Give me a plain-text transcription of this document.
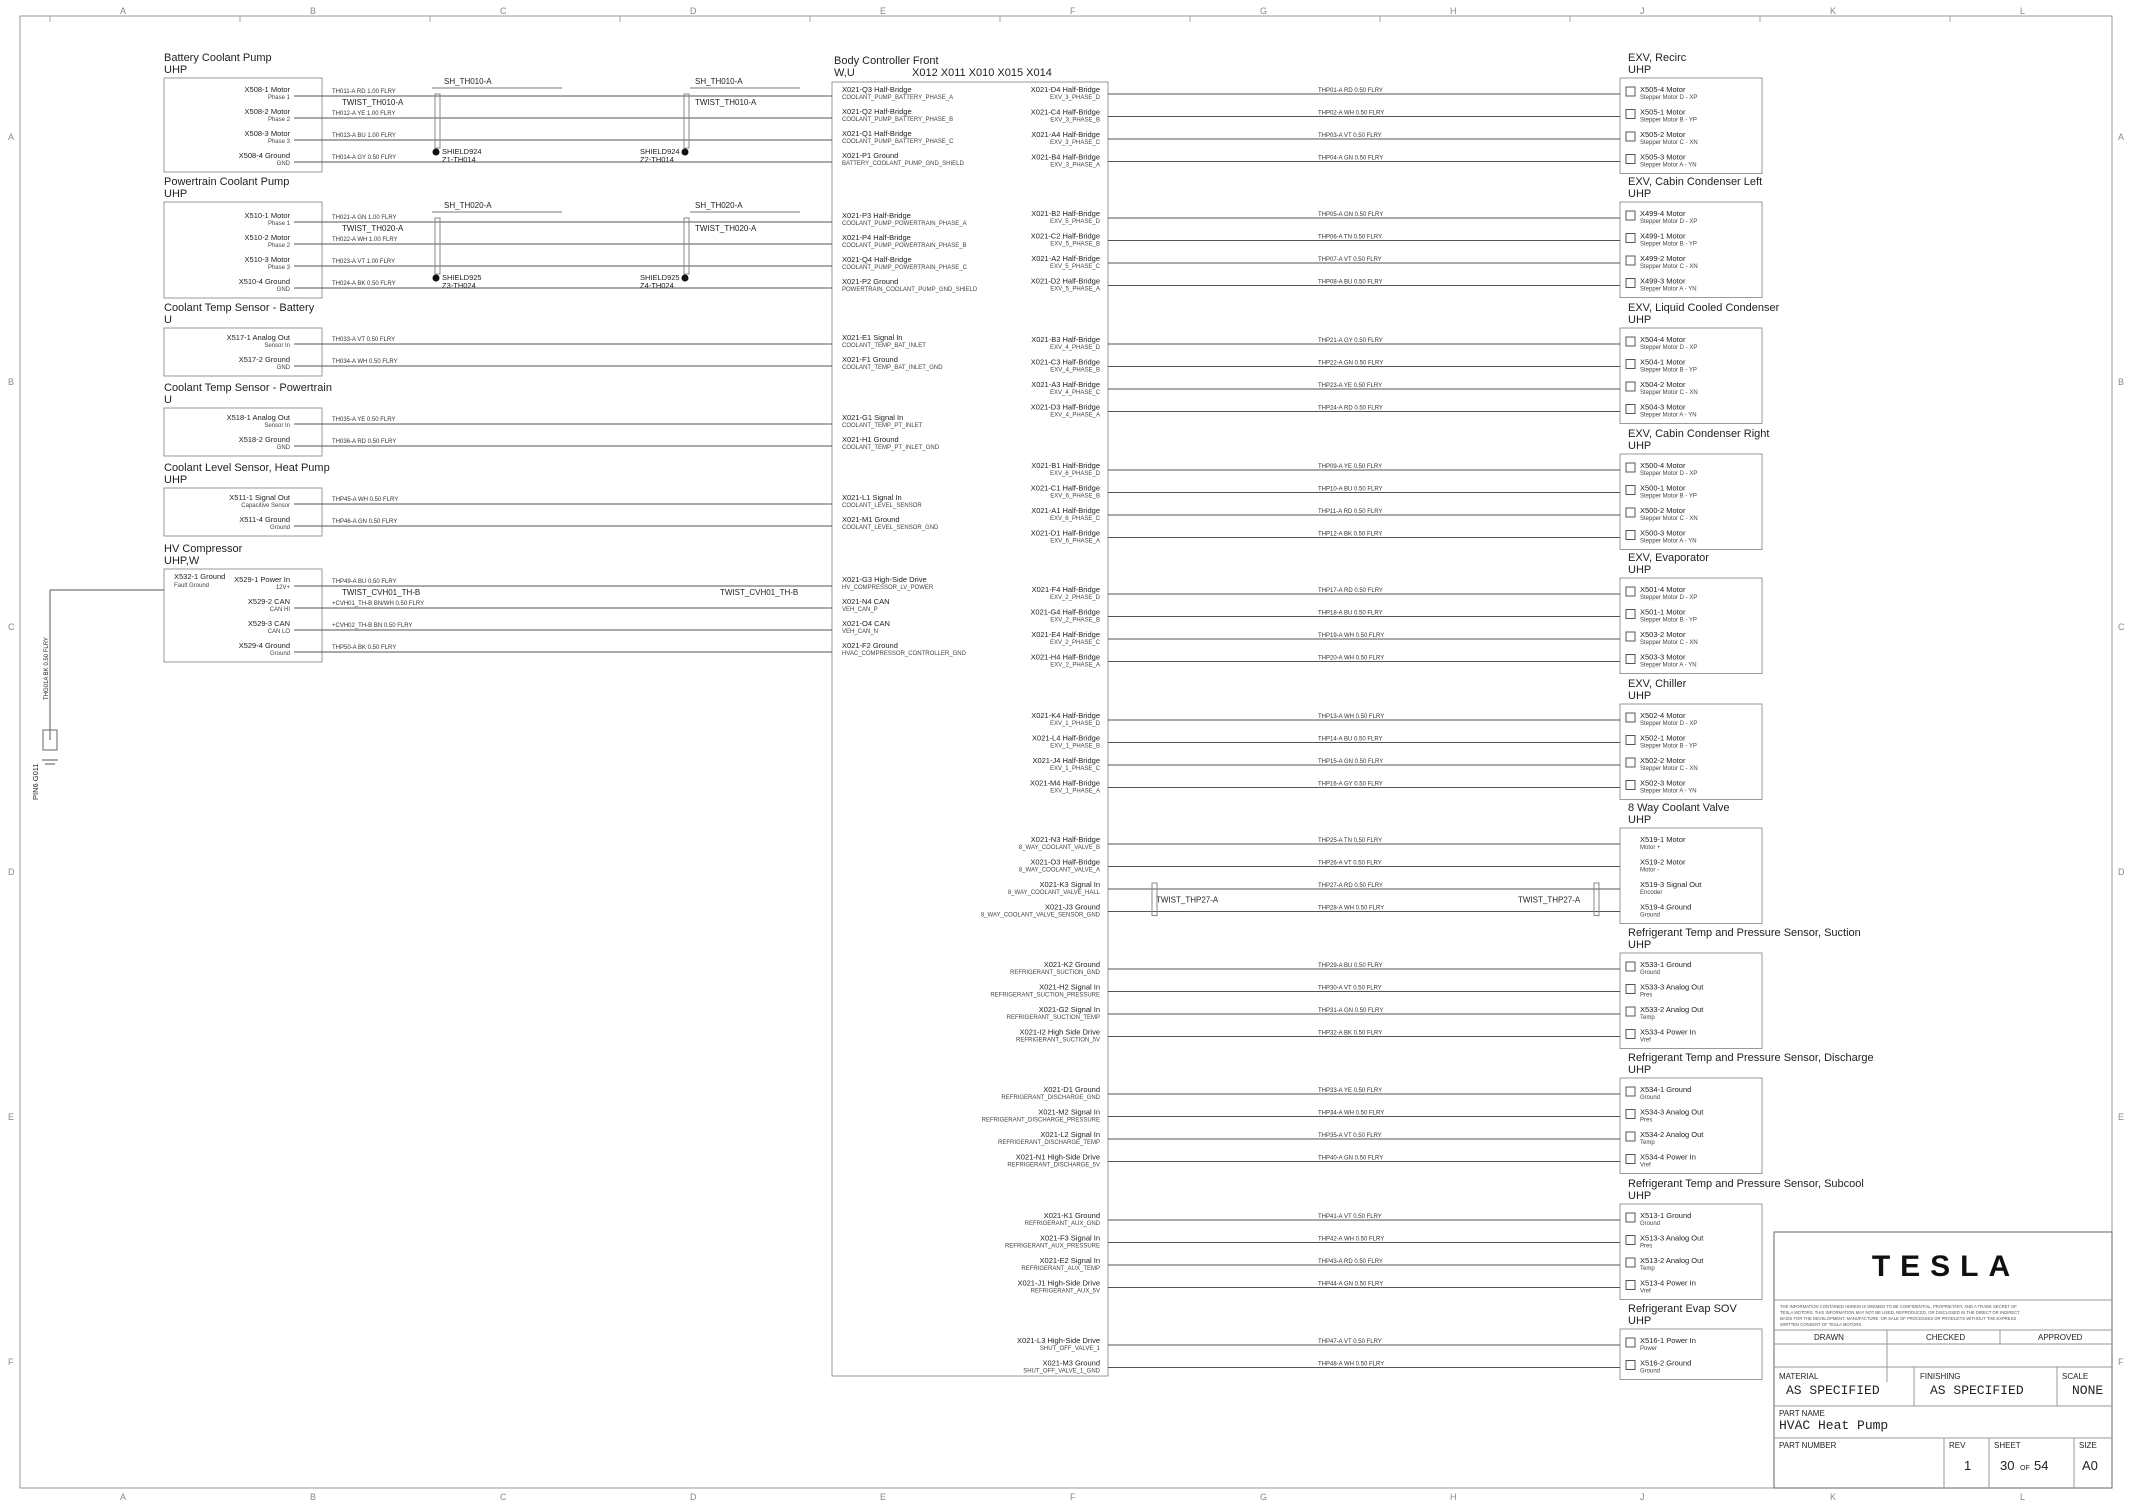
A
A
B
B
C
C
D
D
E
E
F
F
G
G
H
H
J
J
K
K
L
L
A	A
B	B
C	C
D	D
E	E
F	F
Body Controller Front
W,U	X012 X011 X010 X015 X014
X021-Q3 Half-Bridge
COOLANT_PUMP_BATTERY_PHASE_A
X021-Q2 Half-Bridge
COOLANT_PUMP_BATTERY_PHASE_B
X021-Q1 Half-Bridge
COOLANT_PUMP_BATTERY_PHASE_C
X021-P1 Ground
BATTERY_COOLANT_PUMP_GND_SHIELD
X021-P3 Half-Bridge
COOLANT_PUMP_POWERTRAIN_PHASE_A
X021-P4 Half-Bridge
COOLANT_PUMP_POWERTRAIN_PHASE_B
X021-Q4 Half-Bridge
COOLANT_PUMP_POWERTRAIN_PHASE_C
X021-P2 Ground
POWERTRAIN_COOLANT_PUMP_GND_SHIELD
X021-E1 Signal In
COOLANT_TEMP_BAT_INLET
X021-F1 Ground
COOLANT_TEMP_BAT_INLET_GND
X021-G1 Signal In
COOLANT_TEMP_PT_INLET
X021-H1 Ground
COOLANT_TEMP_PT_INLET_GND
X021-L1 Signal In
COOLANT_LEVEL_SENSOR
X021-M1 Ground
COOLANT_LEVEL_SENSOR_GND
X021-G3 High-Side Drive
HV_COMPRESSOR_LV_POWER
X021-N4 CAN
VEH_CAN_P
X021-O4 CAN
VEH_CAN_N
X021-F2 Ground
HVAC_COMPRESSOR_CONTROLLER_GND
Battery Coolant Pump
UHP
X508-1 Motor
Phase 1
TH011-A RD 1.00 FLRY
X508-2 Motor
Phase 2
TH012-A YE 1.00 FLRY
X508-3 Motor
Phase 3
TH013-A BU 1.00 FLRY
X508-4 Ground
GND
TH014-A GY 0.50 FLRY
TWIST_TH010-A	TWIST_TH010-A
SH_TH010-A	SH_TH010-A
SHIELD924
Z1-TH014
SHIELD924
Z2-TH014
Powertrain Coolant Pump
UHP
X510-1 Motor
Phase 1
TH021-A GN 1.00 FLRY
X510-2 Motor
Phase 2
TH022-A WH 1.00 FLRY
X510-3 Motor
Phase 3
TH023-A VT 1.00 FLRY
X510-4 Ground
GND
TH024-A BK 0.50 FLRY
TWIST_TH020-A	TWIST_TH020-A
SH_TH020-A	SH_TH020-A
SHIELD925
Z3-TH024
SHIELD925
Z4-TH024
Coolant Temp Sensor - Battery
U
X517-1 Analog Out
Sensor In
TH033-A VT 0.50 FLRY
X517-2 Ground
GND
TH034-A WH 0.50 FLRY
Coolant Temp Sensor - Powertrain
U
X518-1 Analog Out
Sensor In
TH035-A YE 0.50 FLRY
X518-2 Ground
GND
TH036-A RD 0.50 FLRY
Coolant Level Sensor, Heat Pump
UHP
X511-1 Signal Out
Capacitive Sensor
THP45-A WH 0.50 FLRY
X511-4 Ground
Ground
THP46-A GN 0.50 FLRY
HV Compressor
UHP,W
X532-1 Ground
Fault Ground
X529-1 Power In
12V+
THP49-A BU 0.50 FLRY
X529-2 CAN
CAN HI
+CVH01_TH-B BN/WH 0.50 FLRY
X529-3 CAN
CAN LO
+CVH02_TH-B BN 0.50 FLRY
X529-4 Ground
Ground
THP50-A BK 0.50 FLRY
TWIST_CVH01_TH-B	TWIST_CVH01_TH-B
PIN6 G011
THG01A BK 0.50 FLRY
EXV, Recirc
UHP
X505-4 Motor
Stepper Motor D - XP
THP01-A RD 0.50 FLRY
X505-1 Motor
Stepper Motor B - YP
THP02-A WH 0.50 FLRY
X505-2 Motor
Stepper Motor C - XN
THP03-A VT 0.50 FLRY
X505-3 Motor
Stepper Motor A - YN
THP04-A GN 0.50 FLRY
EXV, Cabin Condenser Left
UHP
X499-4 Motor
Stepper Motor D - XP
THP05-A GN 0.50 FLRY
X499-1 Motor
Stepper Motor B - YP
THP06-A TN 0.50 FLRY
X499-2 Motor
Stepper Motor C - XN
THP07-A VT 0.50 FLRY
X499-3 Motor
Stepper Motor A - YN
THP08-A BU 0.50 FLRY
EXV, Liquid Cooled Condenser
UHP
X504-4 Motor
Stepper Motor D - XP
THP21-A GY 0.50 FLRY
X504-1 Motor
Stepper Motor B - YP
THP22-A GN 0.50 FLRY
X504-2 Motor
Stepper Motor C - XN
THP23-A YE 0.50 FLRY
X504-3 Motor
Stepper Motor A - YN
THP24-A RD 0.50 FLRY
EXV, Cabin Condenser Right
UHP
X500-4 Motor
Stepper Motor D - XP
THP09-A YE 0.50 FLRY
X500-1 Motor
Stepper Motor B - YP
THP10-A BU 0.50 FLRY
X500-2 Motor
Stepper Motor C - XN
THP11-A RD 0.50 FLRY
X500-3 Motor
Stepper Motor A - YN
THP12-A BK 0.50 FLRY
EXV, Evaporator
UHP
X501-4 Motor
Stepper Motor D - XP
THP17-A RD 0.50 FLRY
X501-1 Motor
Stepper Motor B - YP
THP18-A BU 0.50 FLRY
X503-2 Motor
Stepper Motor C - XN
THP19-A WH 0.50 FLRY
X503-3 Motor
Stepper Motor A - YN
THP20-A WH 0.50 FLRY
EXV, Chiller
UHP
X502-4 Motor
Stepper Motor D - XP
THP13-A WH 0.50 FLRY
X502-1 Motor
Stepper Motor B - YP
THP14-A BU 0.50 FLRY
X502-2 Motor
Stepper Motor C - XN
THP15-A GN 0.50 FLRY
X502-3 Motor
Stepper Motor A - YN
THP16-A GY 0.50 FLRY
8 Way Coolant Valve
UHP
X519-1 Motor
Motor +
THP25-A TN 0.50 FLRY
X519-2 Motor
Motor -
THP26-A VT 0.50 FLRY
X519-3 Signal Out
Encoder
THP27-A RD 0.50 FLRY
X519-4 Ground
Ground
THP28-A WH 0.50 FLRY
TWIST_THP27-A	TWIST_THP27-A
Refrigerant Temp and Pressure Sensor, Suction
UHP
X533-1 Ground
Ground
THP29-A BU 0.50 FLRY
X533-3 Analog Out
Pres
THP30-A VT 0.50 FLRY
X533-2 Analog Out
Temp
THP31-A GN 0.50 FLRY
X533-4 Power In
Vref
THP32-A BK 0.50 FLRY
Refrigerant Temp and Pressure Sensor, Discharge
UHP
X534-1 Ground
Ground
THP33-A YE 0.50 FLRY
X534-3 Analog Out
Pres
THP34-A WH 0.50 FLRY
X534-2 Analog Out
Temp
THP35-A VT 0.50 FLRY
X534-4 Power In
Vref
THP40-A GN 0.50 FLRY
Refrigerant Temp and Pressure Sensor, Subcool
UHP
X513-1 Ground
Ground
THP41-A VT 0.50 FLRY
X513-3 Analog Out
Pres
THP42-A WH 0.50 FLRY
X513-2 Analog Out
Temp
THP43-A RD 0.50 FLRY
X513-4 Power In
Vref
THP44-A GN 0.50 FLRY
Refrigerant Evap SOV
UHP
X516-1 Power In
Power
THP47-A VT 0.50 FLRY
X516-2 Ground
Ground
THP48-A WH 0.50 FLRY
X021-D4 Half-Bridge
EXV_3_PHASE_D
X021-C4 Half-Bridge
EXV_3_PHASE_B
X021-A4 Half-Bridge
EXV_3_PHASE_C
X021-B4 Half-Bridge
EXV_3_PHASE_A
X021-B2 Half-Bridge
EXV_5_PHASE_D
X021-C2 Half-Bridge
EXV_5_PHASE_B
X021-A2 Half-Bridge
EXV_5_PHASE_C
X021-D2 Half-Bridge
EXV_5_PHASE_A
X021-B3 Half-Bridge
EXV_4_PHASE_D
X021-C3 Half-Bridge
EXV_4_PHASE_B
X021-A3 Half-Bridge
EXV_4_PHASE_C
X021-D3 Half-Bridge
EXV_4_PHASE_A
X021-B1 Half-Bridge
EXV_6_PHASE_D
X021-C1 Half-Bridge
EXV_6_PHASE_B
X021-A1 Half-Bridge
EXV_6_PHASE_C
X021-D1 Half-Bridge
EXV_6_PHASE_A
X021-F4 Half-Bridge
EXV_2_PHASE_D
X021-G4 Half-Bridge
EXV_2_PHASE_B
X021-E4 Half-Bridge
EXV_2_PHASE_C
X021-H4 Half-Bridge
EXV_2_PHASE_A
X021-K4 Half-Bridge
EXV_1_PHASE_D
X021-L4 Half-Bridge
EXV_1_PHASE_B
X021-J4 Half-Bridge
EXV_1_PHASE_C
X021-M4 Half-Bridge
EXV_1_PHASE_A
X021-N3 Half-Bridge
8_WAY_COOLANT_VALVE_B
X021-O3 Half-Bridge
8_WAY_COOLANT_VALVE_A
X021-K3 Signal In
8_WAY_COOLANT_VALVE_HALL
X021-J3 Ground
8_WAY_COOLANT_VALVE_SENSOR_GND
X021-K2 Ground
REFRIGERANT_SUCTION_GND
X021-H2 Signal In
REFRIGERANT_SUCTION_PRESSURE
X021-G2 Signal In
REFRIGERANT_SUCTION_TEMP
X021-I2 High Side Drive
REFRIGERANT_SUCTION_5V
X021-D1 Ground
REFRIGERANT_DISCHARGE_GND
X021-M2 Signal In
REFRIGERANT_DISCHARGE_PRESSURE
X021-L2 Signal In
REFRIGERANT_DISCHARGE_TEMP
X021-N1 High-Side Drive
REFRIGERANT_DISCHARGE_5V
X021-K1 Ground
REFRIGERANT_AUX_GND
X021-F3 Signal In
REFRIGERANT_AUX_PRESSURE
X021-E2 Signal In
REFRIGERANT_AUX_TEMP
X021-J1 High-Side Drive
REFRIGERANT_AUX_5V
X021-L3 High-Side Drive
SHUT_OFF_VALVE_1
X021-M3 Ground
SHUT_OFF_VALVE_1_GND
TESLA
THE INFORMATION CONTAINED HEREIN IS DEEMED TO BE CONFIDENTIAL, PROPRIETARY, AND A TRADE SECRET OF
TESLA MOTORS. THIS INFORMATION MAY NOT BE USED, REPRODUCED, OR DISCLOSED IN THE DIRECT OR INDIRECT
BASIS FOR THE DEVELOPMENT, MANUFACTURE, OR SALE OF PROCESSES OR PRODUCTS WITHOUT THE EXPRESS
WRITTEN CONSENT OF TESLA MOTORS.
DRAWN	CHECKED	APPROVED
MATERIAL
AS SPECIFIED
FINISHING
AS SPECIFIED
SCALE
NONE
PART NAME
HVAC Heat Pump
PART NUMBER	REV
1
SHEET
30 OF 54
SIZE
A0
